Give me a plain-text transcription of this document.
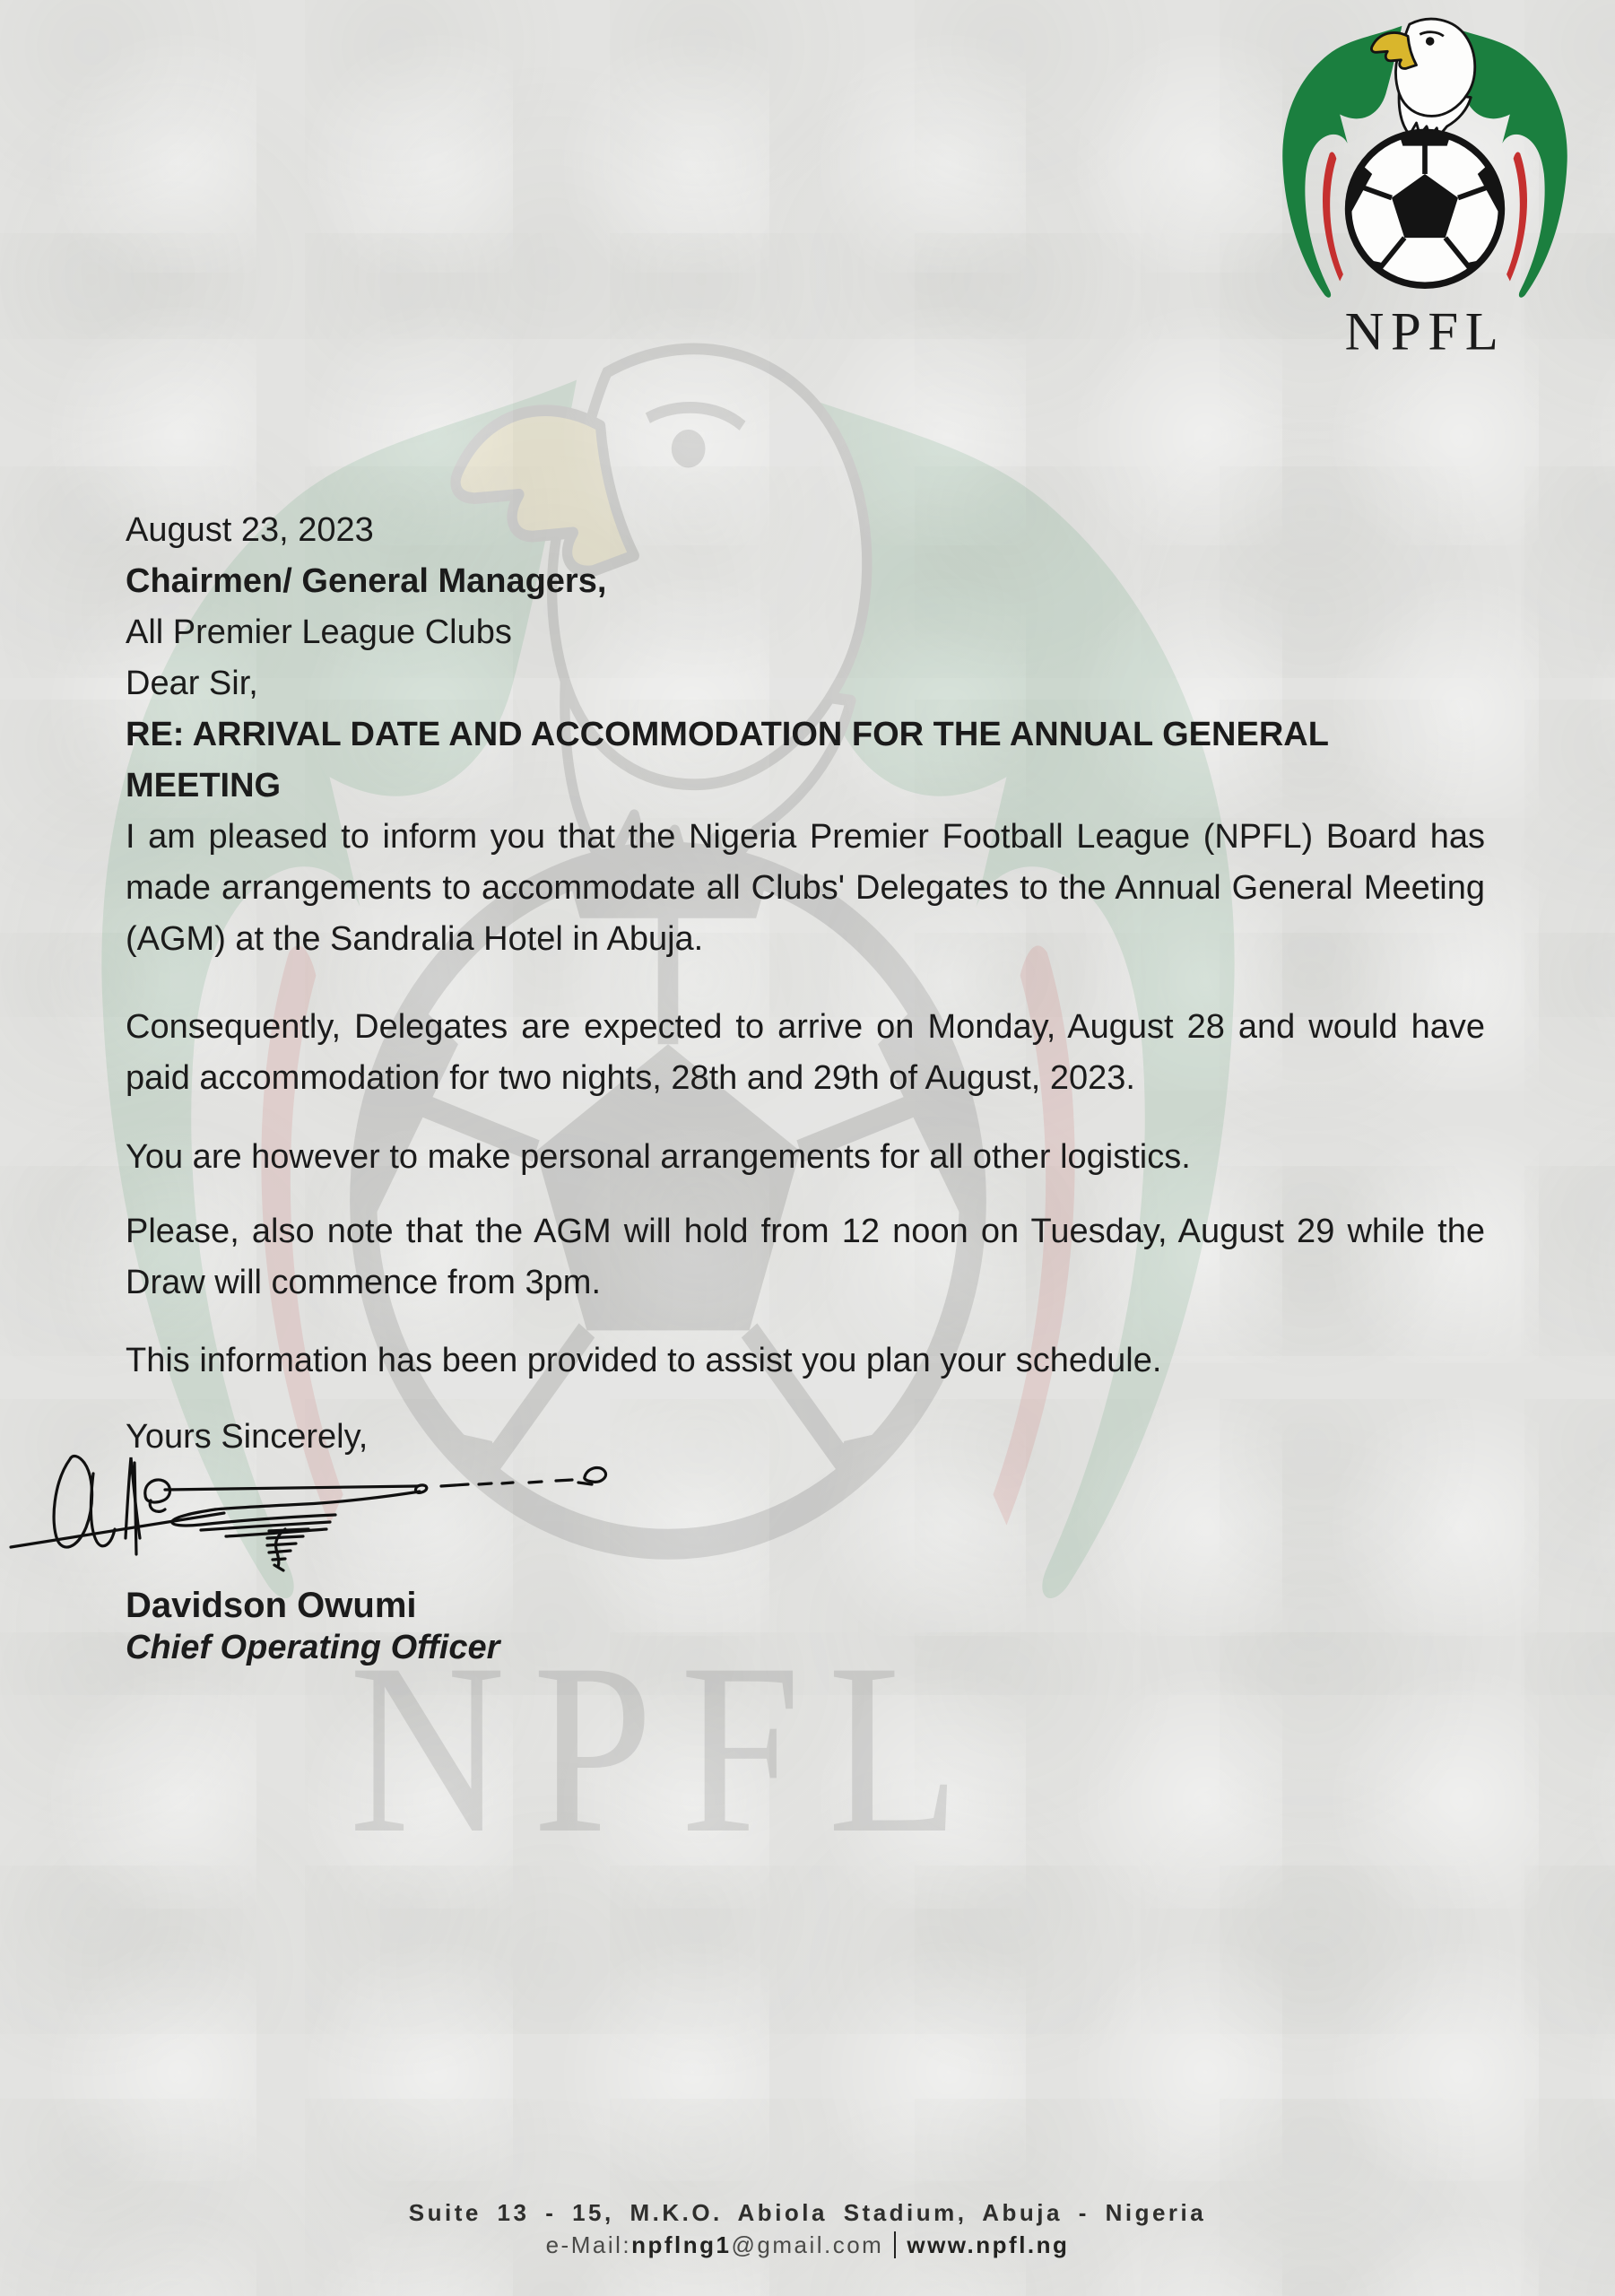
August 23, 2023

Chairmen/ General Managers,

All Premier League Clubs

Dear Sir,

RE: ARRIVAL DATE AND ACCOMMODATION FOR THE ANNUAL GENERAL MEETING

I am pleased to inform you that the Nigeria Premier Football League (NPFL) Board has made arrangements to accommodate all Clubs' Delegates to the Annual General Meeting (AGM) at the Sandralia Hotel in Abuja.

Consequently, Delegates are expected to arrive on Monday, August 28 and would have paid accommodation for two nights, 28th and 29th of August, 2023.

You are however to make personal arrangements for all other logistics.

Please, also note that the AGM will hold from 12 noon on Tuesday, August 29 while the Draw will commence from 3pm.

This information has been provided to assist you plan your schedule.

Yours Sincerely,

Davidson Owumi

Chief Operating Officer

Suite 13 - 15, M.K.O. Abiola Stadium, Abuja - Nigeria
e-Mail:npflng1@gmail.com www.npfl.ng
